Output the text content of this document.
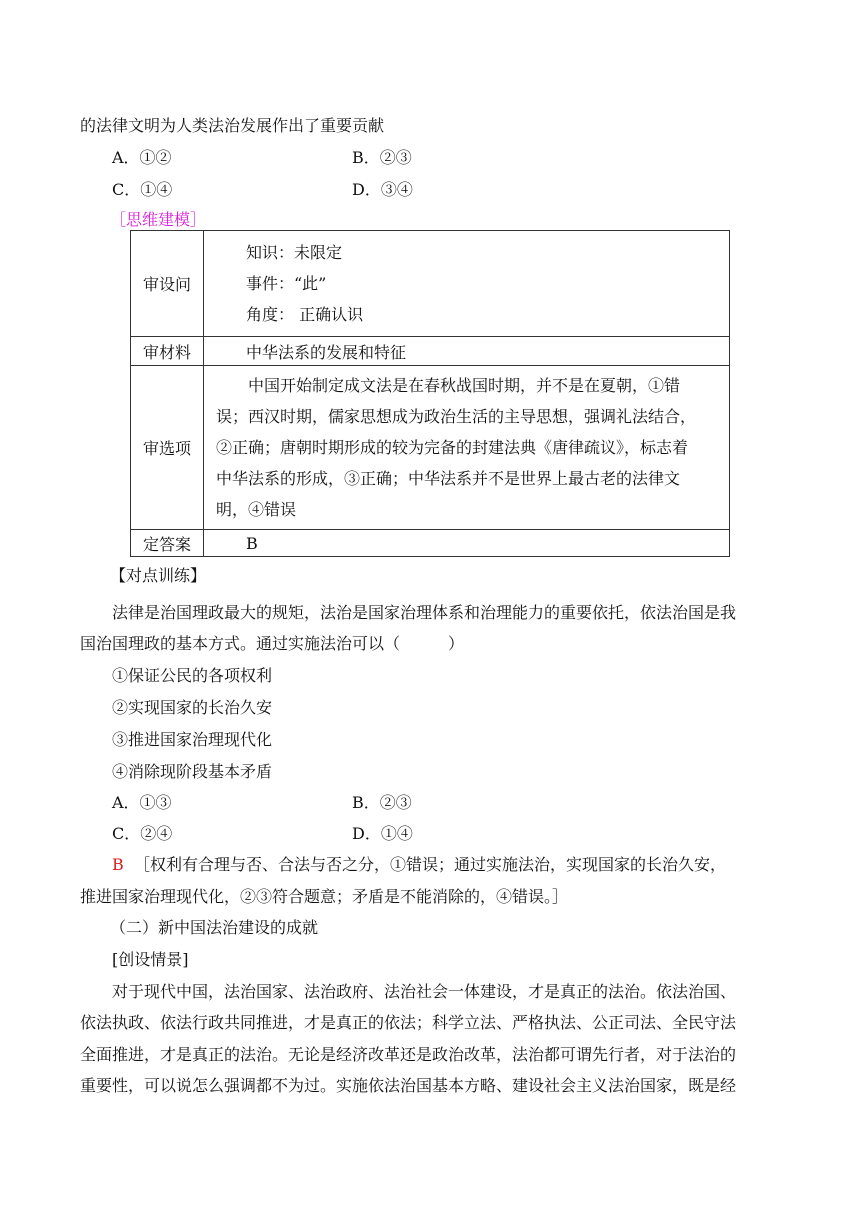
的法律文明为人类法治发展作出了重要贡献
A．①②	B．②③
C．①④	D．③④
［思维建模］
审设问	知识：未限定
事件：“此”
角度： 正确认识

审材料	中华法系的发展和特征
审选项	中国开始制定成文法是在春秋战国时期，并不是在夏朝，①错
误；西汉时期，儒家思想成为政治生活的主导思想，强调礼法结合，
②正确；唐朝时期形成的较为完备的封建法典《唐律疏议》，标志着
中华法系的形成，③正确；中华法系并不是世界上最古老的法律文
明，④错误

定答案	B
【对点训练】
法律是治国理政最大的规矩，法治是国家治理体系和治理能力的重要依托，依法治国是我
国治国理政的基本方式。通过实施法治可以（　　　）
①保证公民的各项权利
②实现国家的长治久安
③推进国家治理现代化
④消除现阶段基本矛盾
A．①③	B．②③
C．②④	D．①④
B ［权利有合理与否、合法与否之分，①错误；通过实施法治，实现国家的长治久安，
推进国家治理现代化，②③符合题意；矛盾是不能消除的，④错误。］
（二）新中国法治建设的成就
[创设情景]
对于现代中国，法治国家、法治政府、法治社会一体建设，才是真正的法治。依法治国、
依法执政、依法行政共同推进，才是真正的依法；科学立法、严格执法、公正司法、全民守法
全面推进，才是真正的法治。无论是经济改革还是政治改革，法治都可谓先行者，对于法治的
重要性，可以说怎么强调都不为过。实施依法治国基本方略、建设社会主义法治国家，既是经
